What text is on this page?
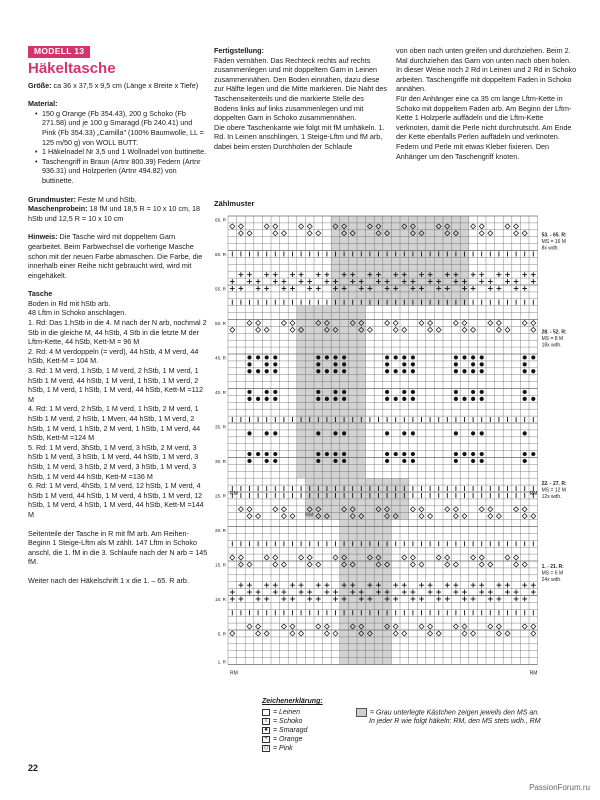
MODELL 13
Häkeltasche
Größe: ca 36 x 37,5 x 9,5 cm (Länge x Breite x Tiefe)
Material:
• 150 g Orange (Fb 354.43), 200 g Schoko (Fb 271.58) und je 100 g Smaragd (Fb 240.41) und Pink (Fb 354.33) „Camilla" (100% Baumwolle, LL = 125 m/50 g) von WOLL BUTT.
• 1 Häkelnadel Nr 3,5 und 1 Wollnadel von buttinette.
• Taschengriff in Braun (Artnr 800.39) Federn (Artnr 936.31) und Holzperlen (Artnr 494.82) von buttinette.
Grundmuster: Feste M und hStb.
Maschenprobein: 18 fM und 18,5 R = 10 x 10 cm, 18 hStb und 12,5 R = 10 x 10 cm
Hinweis: Die Tasche wird mit doppeltem Garn gearbeitet. Beim Farbwechsel die vorherige Masche schon mit der neuen Farbe abmaschen. Die Farbe, die innerhalb einer Reihe nicht gebraucht wird, wird mit eingehäkelt.
Tasche
Boden in Rd mit hStb arb.
48 Lftm in Schoko anschlagen.
1. Rd: Das 1.hStb in die 4. M nach der N arb, nochmal 2 Stb in die gleiche M, 44 hStb, 4 Stb in die letzte M der Lftm-Kette, 44 hStb, Kett-M = 96 M
2. Rd: 4 M verdoppeln (= verd), 44 hStb, 4 M verd, 44 hStb, Kett-M = 104 M.
3. Rd: 1 M verd, 1 hStb, 1 M verd, 2 hStb, 1 M verd, 1 hStb 1 M verd, 44 hStb, 1 M verd, 1 hStb, 1 M verd, 2 hStb, 1 M verd, 1 hStb, 1 M verd, 44 hStb, Kett-M =112 M
4. Rd: 1 M verd, 2 hStb, 1 M verd, 1 hStb, 2 M verd, 1 hStb 1 M verd, 2 hStb, 1 Mverr, 44 hStb, 1 M verd, 2 hStb, 1 M verd, 1 hStb, 2 M verd, 1 hStb, 1 M verd, 44 hStb, Kett-M =124 M
5. Rd: 1 M verd, 3hStb, 1 M verd, 3 hStb, 2 M verd, 3 hStb 1 M verd, 3 hStb, 1 M verd, 44 hStb, 1 M verd, 3 hStb, 1 M verd, 3 hStb, 2 M verd, 3 hStb, 1 M verd, 3 hStb, 1 M verd 44 hStb, Kett-M =136 M
6. Rd: 1 M verd, 4hStb, 1 M verd, 12 hStb, 1 M verd, 4 hStb 1 M verd, 44 hStb, 1 M verd, 4 hStb, 1 M verd, 12 hStb, 1 M verd, 4 hStb, 1 M verd, 44 hStb, Kett-M =144 M
Seitenteile der Tasche in R mit fM arb. Am Reihen-Beginn 1 Steige-Lftm als M zählt. 147 Lftm in Schoko anschl, die 1. fM in die 3. Schlaufe nach der N arb = 145 fM.
Weiter nach der Häkelschrift 1 x die 1. – 65. R arb.
Fertigstellung:
Fäden vernähen. Das Rechteck rechts auf rechts zusammenlegen und mit doppeltem Garn in Leinen zusammennähen. Den Boden einnähen, dazu diese zur Hälfte legen und die Mitte markieren. Die Naht des Taschenseitenteils und die markierte Stelle des Bodens links auf links zusammenlegen und mit doppelten Garn in Schoko zusammennähen.
Die obere Taschenkante wie folgt mit fM umhäkeln. 1. Rd. In Leinen anschlingen, 1 Steige-Lftm und fM arb, dabei beim ersten Durchholen der Schlaufe
von oben nach unten greifen und durchziehen. Beim 2. Mal durchziehen das Garn von unten nach oben holen. In dieser Weise noch 2 Rd in Leinen und 2 Rd in Schoko arbeiten. Taschengriffe mit doppeltem Faden in Schoko annähen.
Für den Anhänger eine ca 35 cm lange Lftm-Kette in Schoko mit doppeltem Faden arb. Am Beginn der Lftm-Kette 1 Holzperle auffädeln und die Lftm-Kette verknoten, damit die Perle nicht durchrutscht. Am Ende der Kette ebenfalls Perlen auffädeln und verknoten. Federn und Perle mit etwas Kleber fixieren. Den Anhänger um den Taschengriff knoten.
Zählmuster
65. R
60. R
55. R
50. R
45. R
40. R
35. R
30. R
25. R
20. R
15. R
10. R
5. R
1. R
53. - 65. R:
MS = 16 M
8x wdh.
28. - 52. R:
MS = 8 M
18x wdh.
22. - 27. R:
MS = 12 M
12x wdh.
1. - 21. R:
MS = 6 M
24x wdh.
RM
RM
RM	RM
RM
Zeichenerklärung:
= Leinen
I = Schoko
● = Smaragd
+ = Orange
◇ = Pink
= Grau unterlegte Kästchen zeigen jeweils den MS an.
In jeder R wie folgt häkeln: RM, den MS stets wdh., RM
22
PassionForum.ru
